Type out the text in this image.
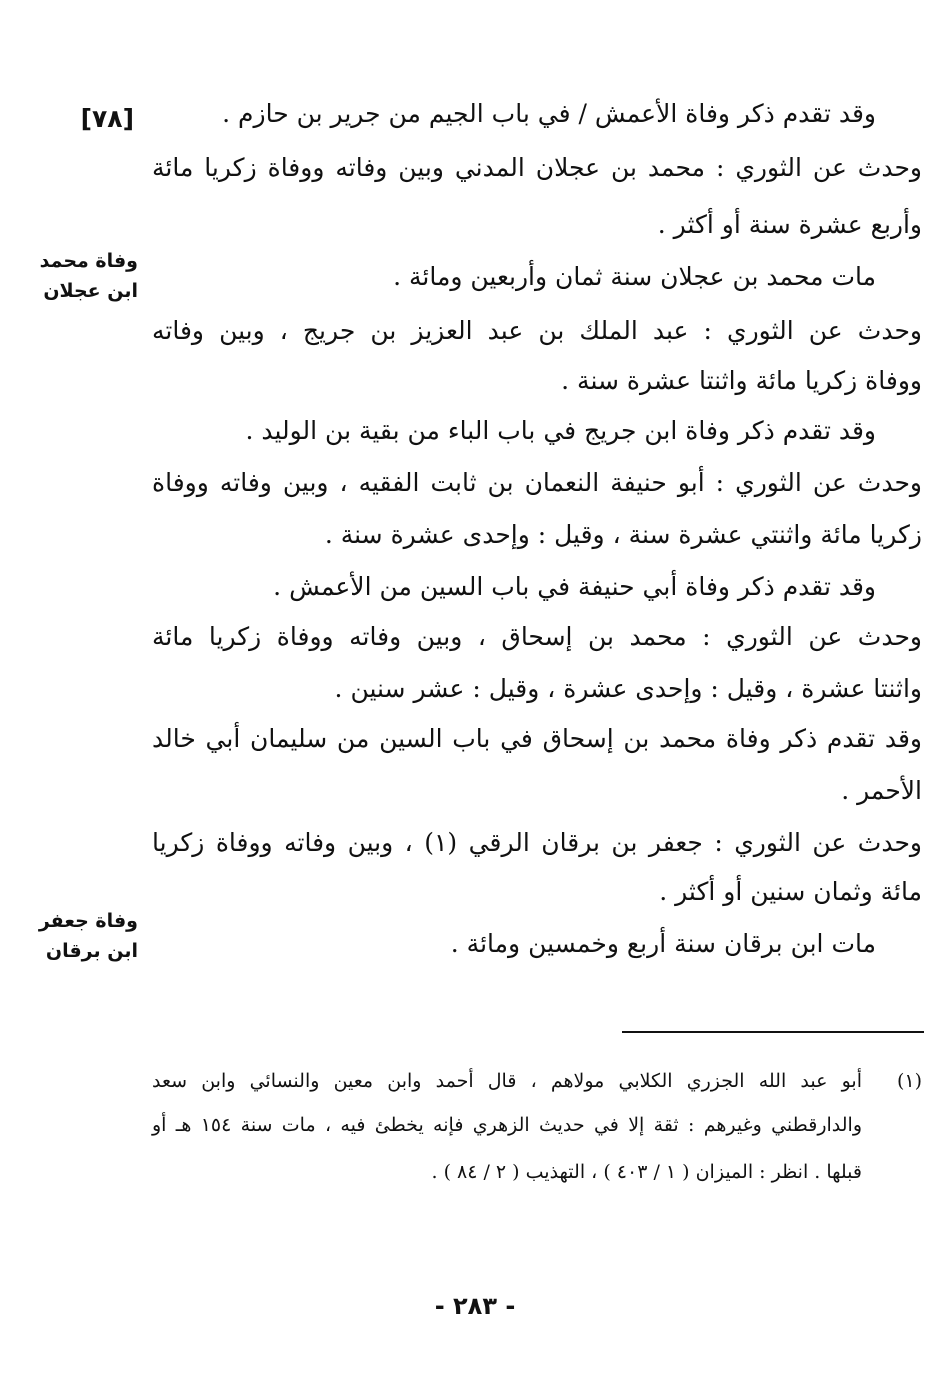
[٧٨]
وفاة محمد
ابن عجلان
وفاة جعفر
ابن برقان
وقد تقدم ذكر وفاة الأعمش / في باب الجيم من جرير بن حازم .
وحدث عن الثوري : محمد بن عجلان المدني وبين وفاته ووفاة زكريا مائة
وأربع عشرة سنة أو أكثر .
مات محمد بن عجلان سنة ثمان وأربعين ومائة .
وحدث عن الثوري : عبد الملك بن عبد العزيز بن جريج ، وبين وفاته
ووفاة زكريا مائة واثنتا عشرة سنة .
وقد تقدم ذكر وفاة ابن جريج في باب الباء من بقية بن الوليد .
وحدث عن الثوري : أبو حنيفة النعمان بن ثابت الفقيه ، وبين وفاته ووفاة
زكريا مائة واثنتي عشرة سنة ، وقيل : وإحدى عشرة سنة .
وقد تقدم ذكر وفاة أبي حنيفة في باب السين من الأعمش .
وحدث عن الثوري : محمد بن إسحاق ، وبين وفاته ووفاة زكريا مائة
واثنتا عشرة ، وقيل : وإحدى عشرة ، وقيل : عشر سنين .
وقد تقدم ذكر وفاة محمد بن إسحاق في باب السين من سليمان أبي خالد
الأحمر .
وحدث عن الثوري : جعفر بن برقان الرقي (١) ، وبين وفاته ووفاة زكريا
مائة وثمان سنين أو أكثر .
مات ابن برقان سنة أربع وخمسين ومائة .
(١)
أبو عبد الله الجزري الكلابي مولاهم ، قال أحمد وابن معين والنسائي وابن سعد
والدارقطني وغيرهم : ثقة إلا في حديث الزهري فإنه يخطئ فيه ، مات سنة ١٥٤ هـ أو
قبلها . انظر : الميزان ( ١ / ٤٠٣ ) ، التهذيب ( ٢ / ٨٤ ) .
- ٢٨٣ -
